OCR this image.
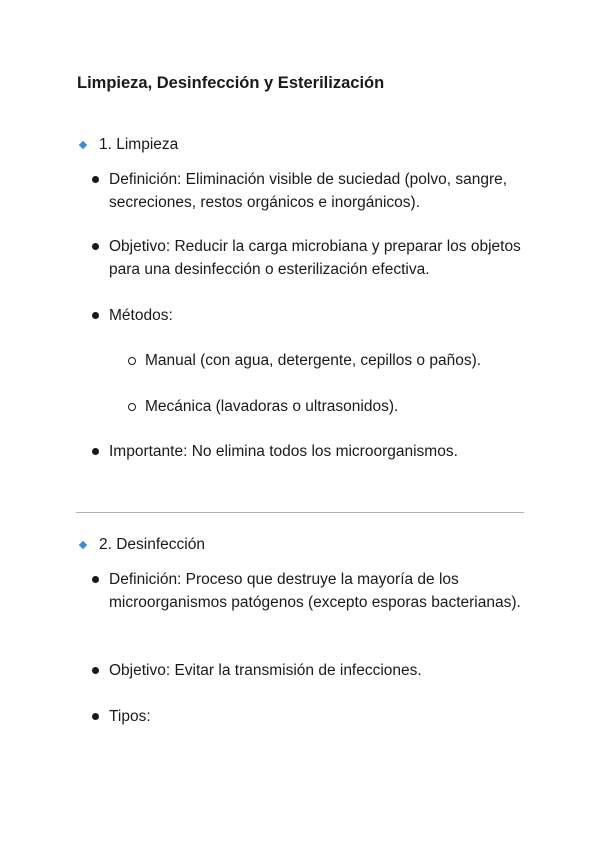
Limpieza, Desinfección y Esterilización
1. Limpieza
Definición: Eliminación visible de suciedad (polvo, sangre, secreciones, restos orgánicos e inorgánicos).
Objetivo: Reducir la carga microbiana y preparar los objetos para una desinfección o esterilización efectiva.
Métodos:
Manual (con agua, detergente, cepillos o paños).
Mecánica (lavadoras o ultrasonidos).
Importante: No elimina todos los microorganismos.
2. Desinfección
Definición: Proceso que destruye la mayoría de los microorganismos patógenos (excepto esporas bacterianas).
Objetivo: Evitar la transmisión de infecciones.
Tipos:
